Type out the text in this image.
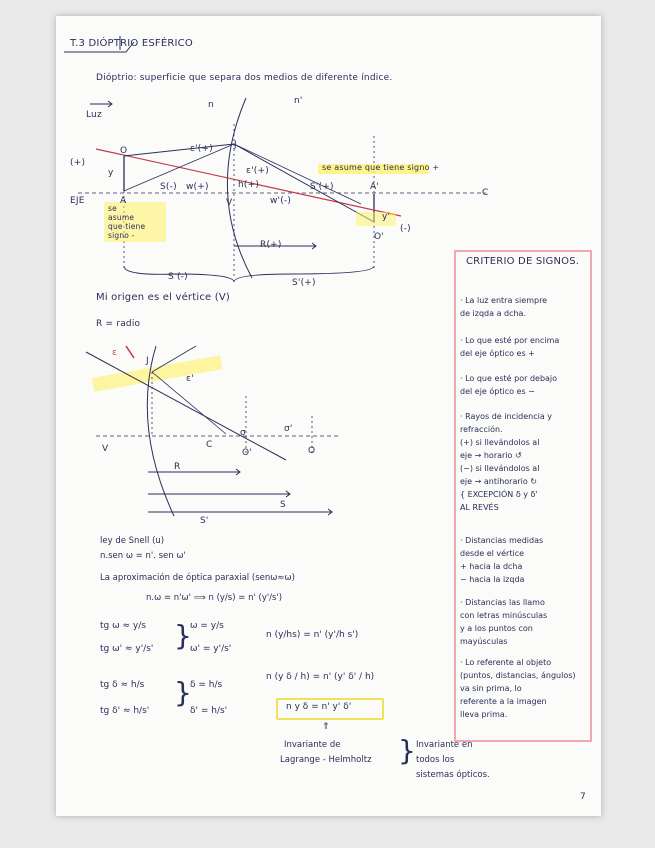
T.3 DIÓPTRIO ESFÉRICO
Dióptrio: superficie que separa dos medios de diferente índice.
Luz
n	n'
(+)
(-)
EJE
C
O
O'
A
A'
y
y'
V
J
ε'(+)
ε'(+)
h(+)
S(-) w(+)	S'(+)
w'(-)
R(+)
S (-)
S'(+)
se asume que tiene signo +
se
asume
que tiene
signo -
Mi origen es el vértice (V)
R = radio
ε
ε'
J
V	C
O'	O
R
S
S'
σ	σ'
ley de Snell (u)
n.sen ω = n'. sen ω'
La aproximación de óptica paraxial (senω≈ω)
n.ω = n'ω' ⟹ n (y/s) = n' (y'/s')
tg ω ≈ y/s
tg ω' ≈ y'/s' }
ω = y/s
ω' = y'/s'
n (y/hs) = n' (y'/h s')
tg δ ≈ h/s
tg δ' ≈ h/s'
}
δ = h/s
δ' = h/s'
n (y δ / h) = n' (y' δ' / h)
n y δ = n' y' δ'
⇑
Invariante de
Lagrange - Helmholtz } Invariante en
todos los
sistemas ópticos.
CRITERIO DE SIGNOS.
· La luz entra siempre
de izqda a dcha.
· Lo que esté por encima
del eje óptico es +
· Lo que esté por debajo
del eje óptico es −
· Rayos de incidencia y
refracción.
(+) si llevándolos al
eje → horario ↺
(−) si llevándolos al
eje → antihorario ↻
{ EXCEPCIÓN δ y δ'
AL REVÉS
· Distancias medidas
desde el vértice
+ hacia la dcha
− hacia la izqda
· Distancias las llamo
con letras minúsculas
y a los puntos con
mayúsculas
· Lo referente al objeto
(puntos, distancias, ángulos)
va sin prima, lo
referente a la imagen
lleva prima.
7
